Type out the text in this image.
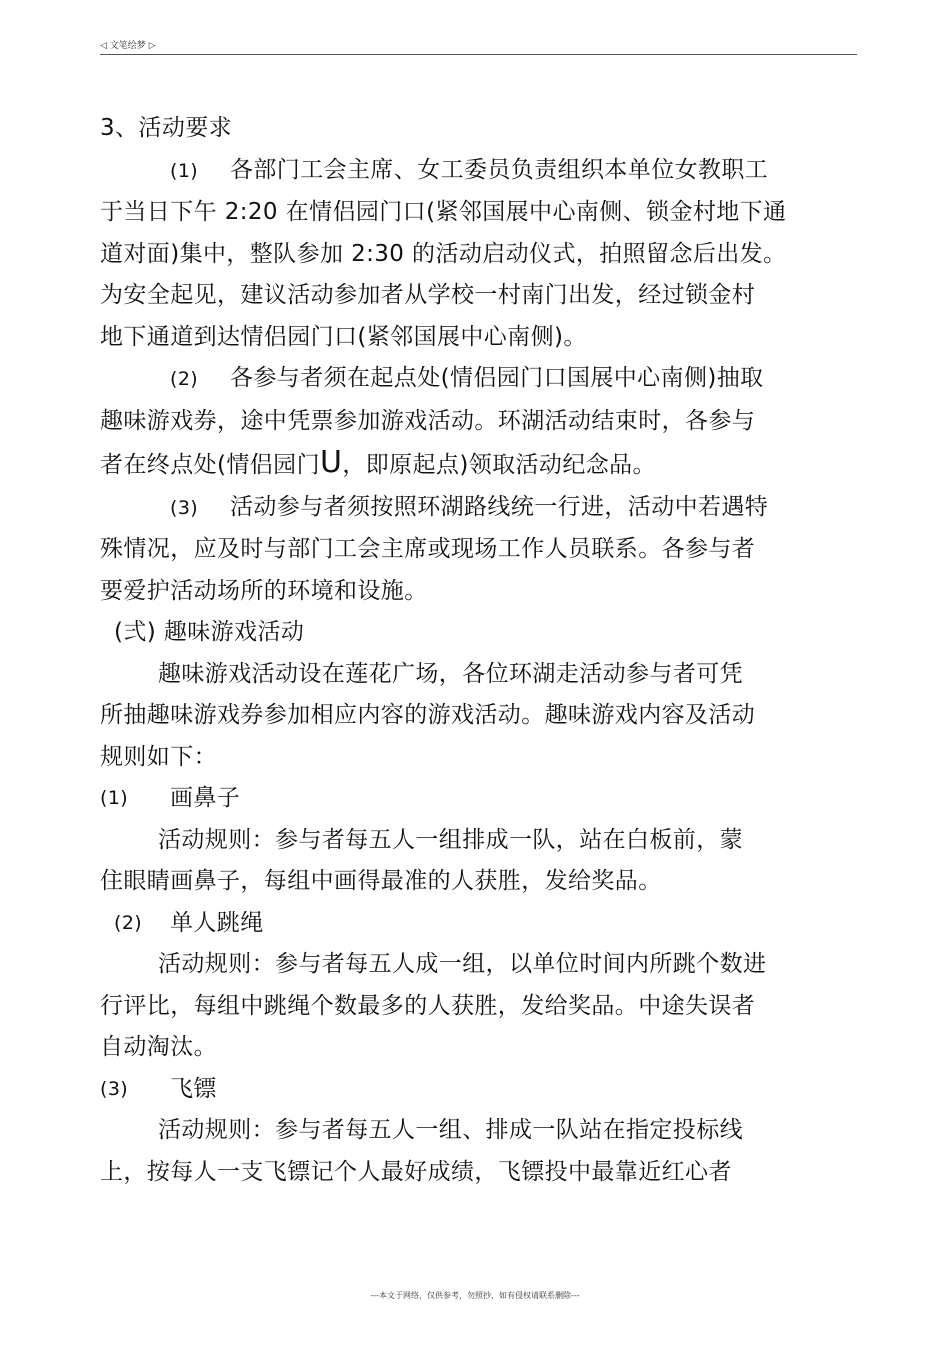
◁ 文笔绘梦 ▷

3、活动要求

(1) 各部门工会主席、女工委员负责组织本单位女教职工

于当日下午 2:20 在情侣园门口(紧邻国展中心南侧、锁金村地下通

道对面)集中，整队参加 2:30 的活动启动仪式，拍照留念后出发。

为安全起见，建议活动参加者从学校一村南门出发，经过锁金村

地下通道到达情侣园门口(紧邻国展中心南侧)。

(2) 各参与者须在起点处(情侣园门口国展中心南侧)抽取

趣味游戏券，途中凭票参加游戏活动。环湖活动结束时，各参与

者在终点处(情侣园门U，即原起点)领取活动纪念品。

(3) 活动参与者须按照环湖路线统一行进，活动中若遇特

殊情况，应及时与部门工会主席或现场工作人员联系。各参与者

要爱护活动场所的环境和设施。

(弍) 趣味游戏活动

趣味游戏活动设在莲花广场，各位环湖走活动参与者可凭

所抽趣味游戏券参加相应内容的游戏活动。趣味游戏内容及活动

规则如下：

(1)	画鼻子

活动规则：参与者每五人一组排成一队，站在白板前，蒙

住眼睛画鼻子，每组中画得最准的人获胜，发给奖品。

(2)	单人跳绳

活动规则：参与者每五人成一组，以单位时间内所跳个数进

行评比，每组中跳绳个数最多的人获胜，发给奖品。中途失误者

自动淘汰。

(3)	飞镖

活动规则：参与者每五人一组、排成一队站在指定投标线

上，按每人一支飞镖记个人最好成绩，飞镖投中最靠近红心者

---本文于网络，仅供参考，勿照抄，如有侵权请联系删除---
